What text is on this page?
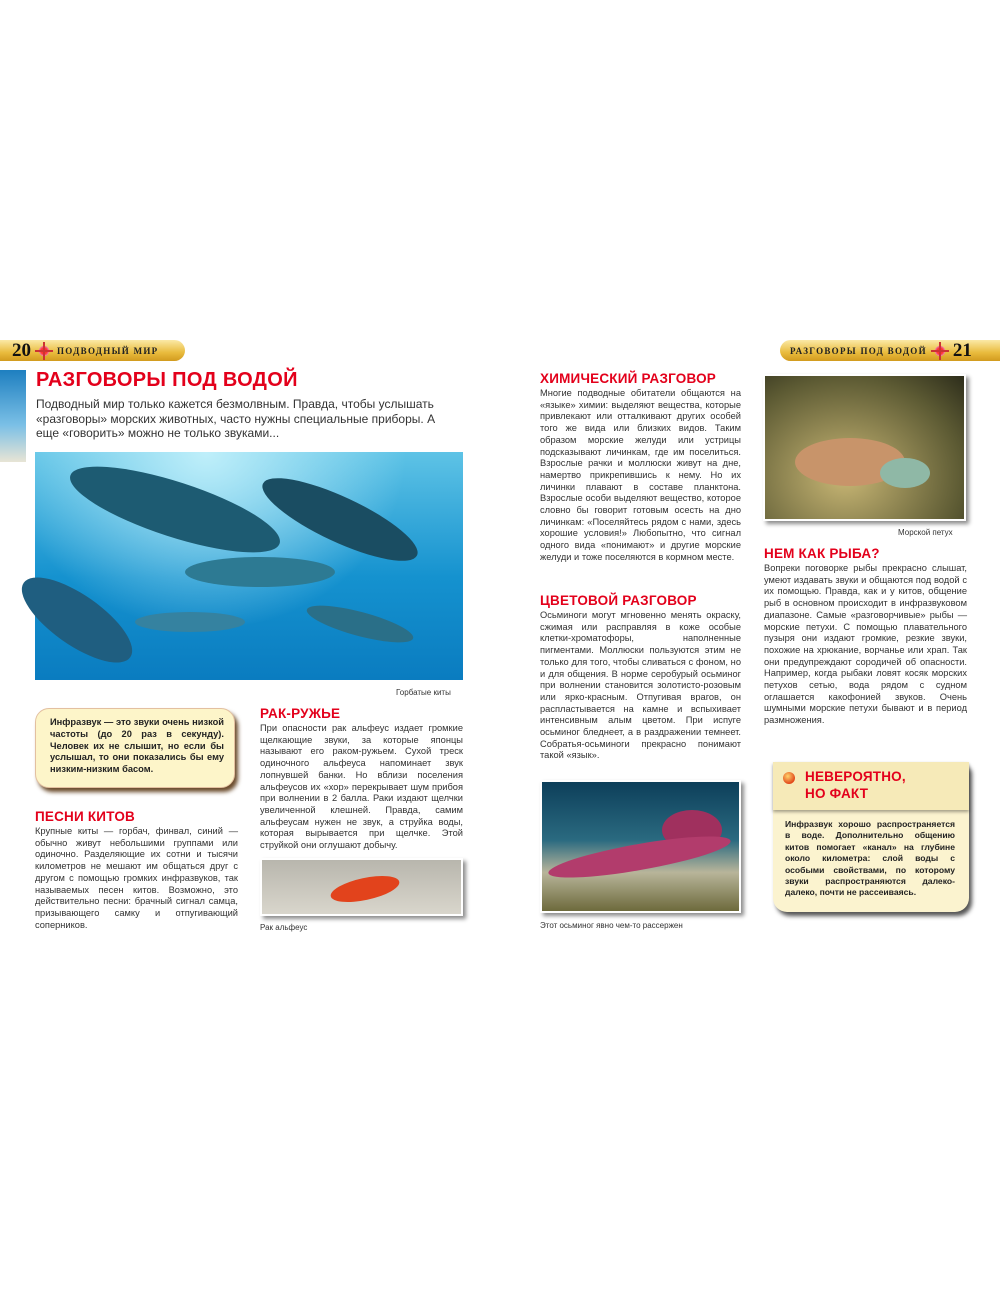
20	ПОДВОДНЫЙ МИР
РАЗГОВОРЫ ПОД ВОДОЙ
Подводный мир только кажется безмолвным. Правда, чтобы услышать «разговоры» морских животных, часто нужны специальные приборы. А еще «говорить» можно не только звуками...
Горбатые киты
Инфразвук — это звуки очень низкой частоты (до 20 раз в секунду). Человек их не слышит, но если бы услышал, то они показались бы ему низким-низким басом.
ПЕСНИ КИТОВ
Крупные киты — горбач, финвал, синий — обычно живут небольшими группами или одиночно. Разделяющие их сотни и тысячи километров не мешают им общаться друг с другом с помощью громких инфразвуков, так называемых песен китов. Возможно, это действительно песни: брачный сигнал самца, призывающего самку и отпугивающий соперников.
РАК-РУЖЬЕ
При опасности рак альфеус издает громкие щелкающие звуки, за которые японцы называют его раком-ружьем. Сухой треск одиночного альфеуса напоминает звук лопнувшей банки. Но вблизи поселения альфеусов их «хор» перекрывает шум прибоя при волнении в 2 балла. Раки издают щелчки увеличенной клешней. Правда, самим альфеусам нужен не звук, а струйка воды, которая вырывается при щелчке. Этой струйкой они оглушают добычу.
Рак альфеус
РАЗГОВОРЫ ПОД ВОДОЙ 21
ХИМИЧЕСКИЙ РАЗГОВОР
Многие подводные обитатели общаются на «языке» химии: выделяют вещества, которые привлекают или отталкивают других особей того же вида или близких видов. Таким образом морские желуди или устрицы подсказывают личинкам, где им поселиться. Взрослые рачки и моллюски живут на дне, намертво прикрепившись к нему. Но их личинки плавают в составе планктона. Взрослые особи выделяют вещество, которое словно бы говорит готовым осесть на дно личинкам: «Поселяйтесь рядом с нами, здесь хорошие условия!» Любопытно, что сигнал одного вида «понимают» и другие морские желуди и тоже поселяются в кормном месте.
ЦВЕТОВОЙ РАЗГОВОР
Осьминоги могут мгновенно менять окраску, сжимая или расправляя в коже особые клетки-хроматофоры, наполненные пигментами. Моллюски пользуются этим не только для того, чтобы сливаться с фоном, но и для общения. В норме серобурый осьминог при волнении становится золотисто-розовым или ярко-красным. Отпугивая врагов, он распластывается на камне и вспыхивает интенсивным алым цветом. При испуге осьминог бледнеет, а в раздражении темнеет. Собратья-осьминоги прекрасно понимают такой «язык».
Этот осьминог явно чем-то рассержен
Морской петух
НЕМ КАК РЫБА?
Вопреки поговорке рыбы прекрасно слышат, умеют издавать звуки и общаются под водой с их помощью. Правда, как и у китов, общение рыб в основном происходит в инфразвуковом диапазоне. Самые «разговорчивые» рыбы — морские петухи. С помощью плавательного пузыря они издают громкие, резкие звуки, похожие на хрюкание, ворчанье или храп. Так они предупреждают сородичей об опасности. Например, когда рыбаки ловят косяк морских петухов сетью, вода рядом с судном оглашается какофонией звуков. Очень шумными морские петухи бывают и в период размножения.
НЕВЕРОЯТНО,
НО ФАКТ
Инфразвук хорошо распространяется в воде. Дополнительно общению китов помогает «канал» на глубине около километра: слой воды с особыми свойствами, по которому звуки распространяются далеко-далеко, почти не рассеиваясь.
